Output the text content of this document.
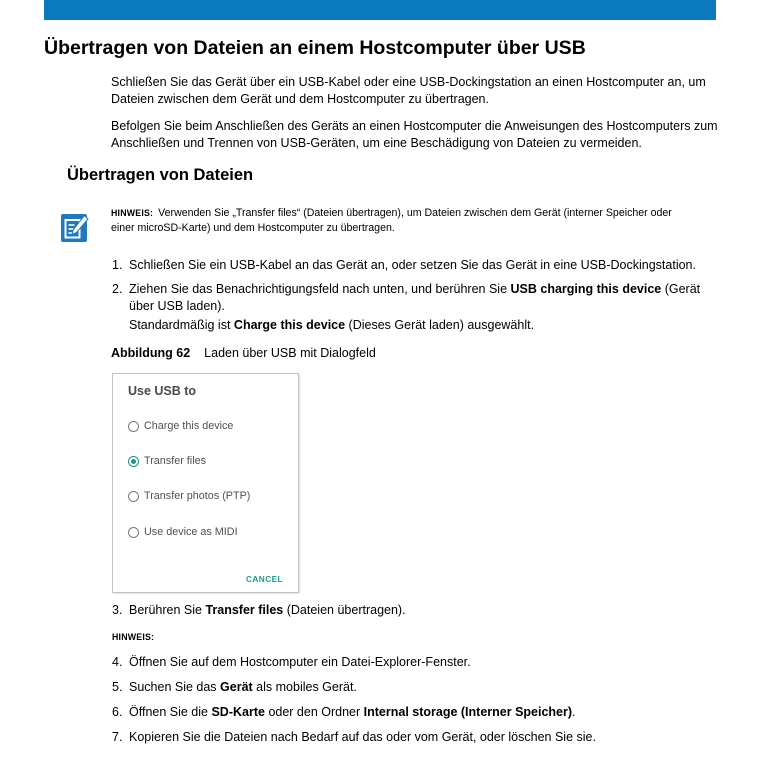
Übertragen von Dateien an einem Hostcomputer über USB
Schließen Sie das Gerät über ein USB-Kabel oder eine USB-Dockingstation an einen Hostcomputer an, um
Dateien zwischen dem Gerät und dem Hostcomputer zu übertragen.
Befolgen Sie beim Anschließen des Geräts an einen Hostcomputer die Anweisungen des Hostcomputers zum
Anschließen und Trennen von USB-Geräten, um eine Beschädigung von Dateien zu vermeiden.
Übertragen von Dateien
HINWEIS: Verwenden Sie „Transfer files“ (Dateien übertragen), um Dateien zwischen dem Gerät (interner Speicher oder
einer microSD-Karte) und dem Hostcomputer zu übertragen.
1. Schließen Sie ein USB-Kabel an das Gerät an, oder setzen Sie das Gerät in eine USB-Dockingstation.
2. Ziehen Sie das Benachrichtigungsfeld nach unten, und berühren Sie USB charging this device (Gerät
über USB laden).
Standardmäßig ist Charge this device (Dieses Gerät laden) ausgewählt.
Abbildung 62 Laden über USB mit Dialogfeld
Use USB to
Charge this device
Transfer files
Transfer photos (PTP)
Use device as MIDI
CANCEL
3. Berühren Sie Transfer files (Dateien übertragen).
HINWEIS:
4. Öffnen Sie auf dem Hostcomputer ein Datei-Explorer-Fenster.
5. Suchen Sie das Gerät als mobiles Gerät.
6. Öffnen Sie die SD-Karte oder den Ordner Internal storage (Interner Speicher).
7. Kopieren Sie die Dateien nach Bedarf auf das oder vom Gerät, oder löschen Sie sie.
